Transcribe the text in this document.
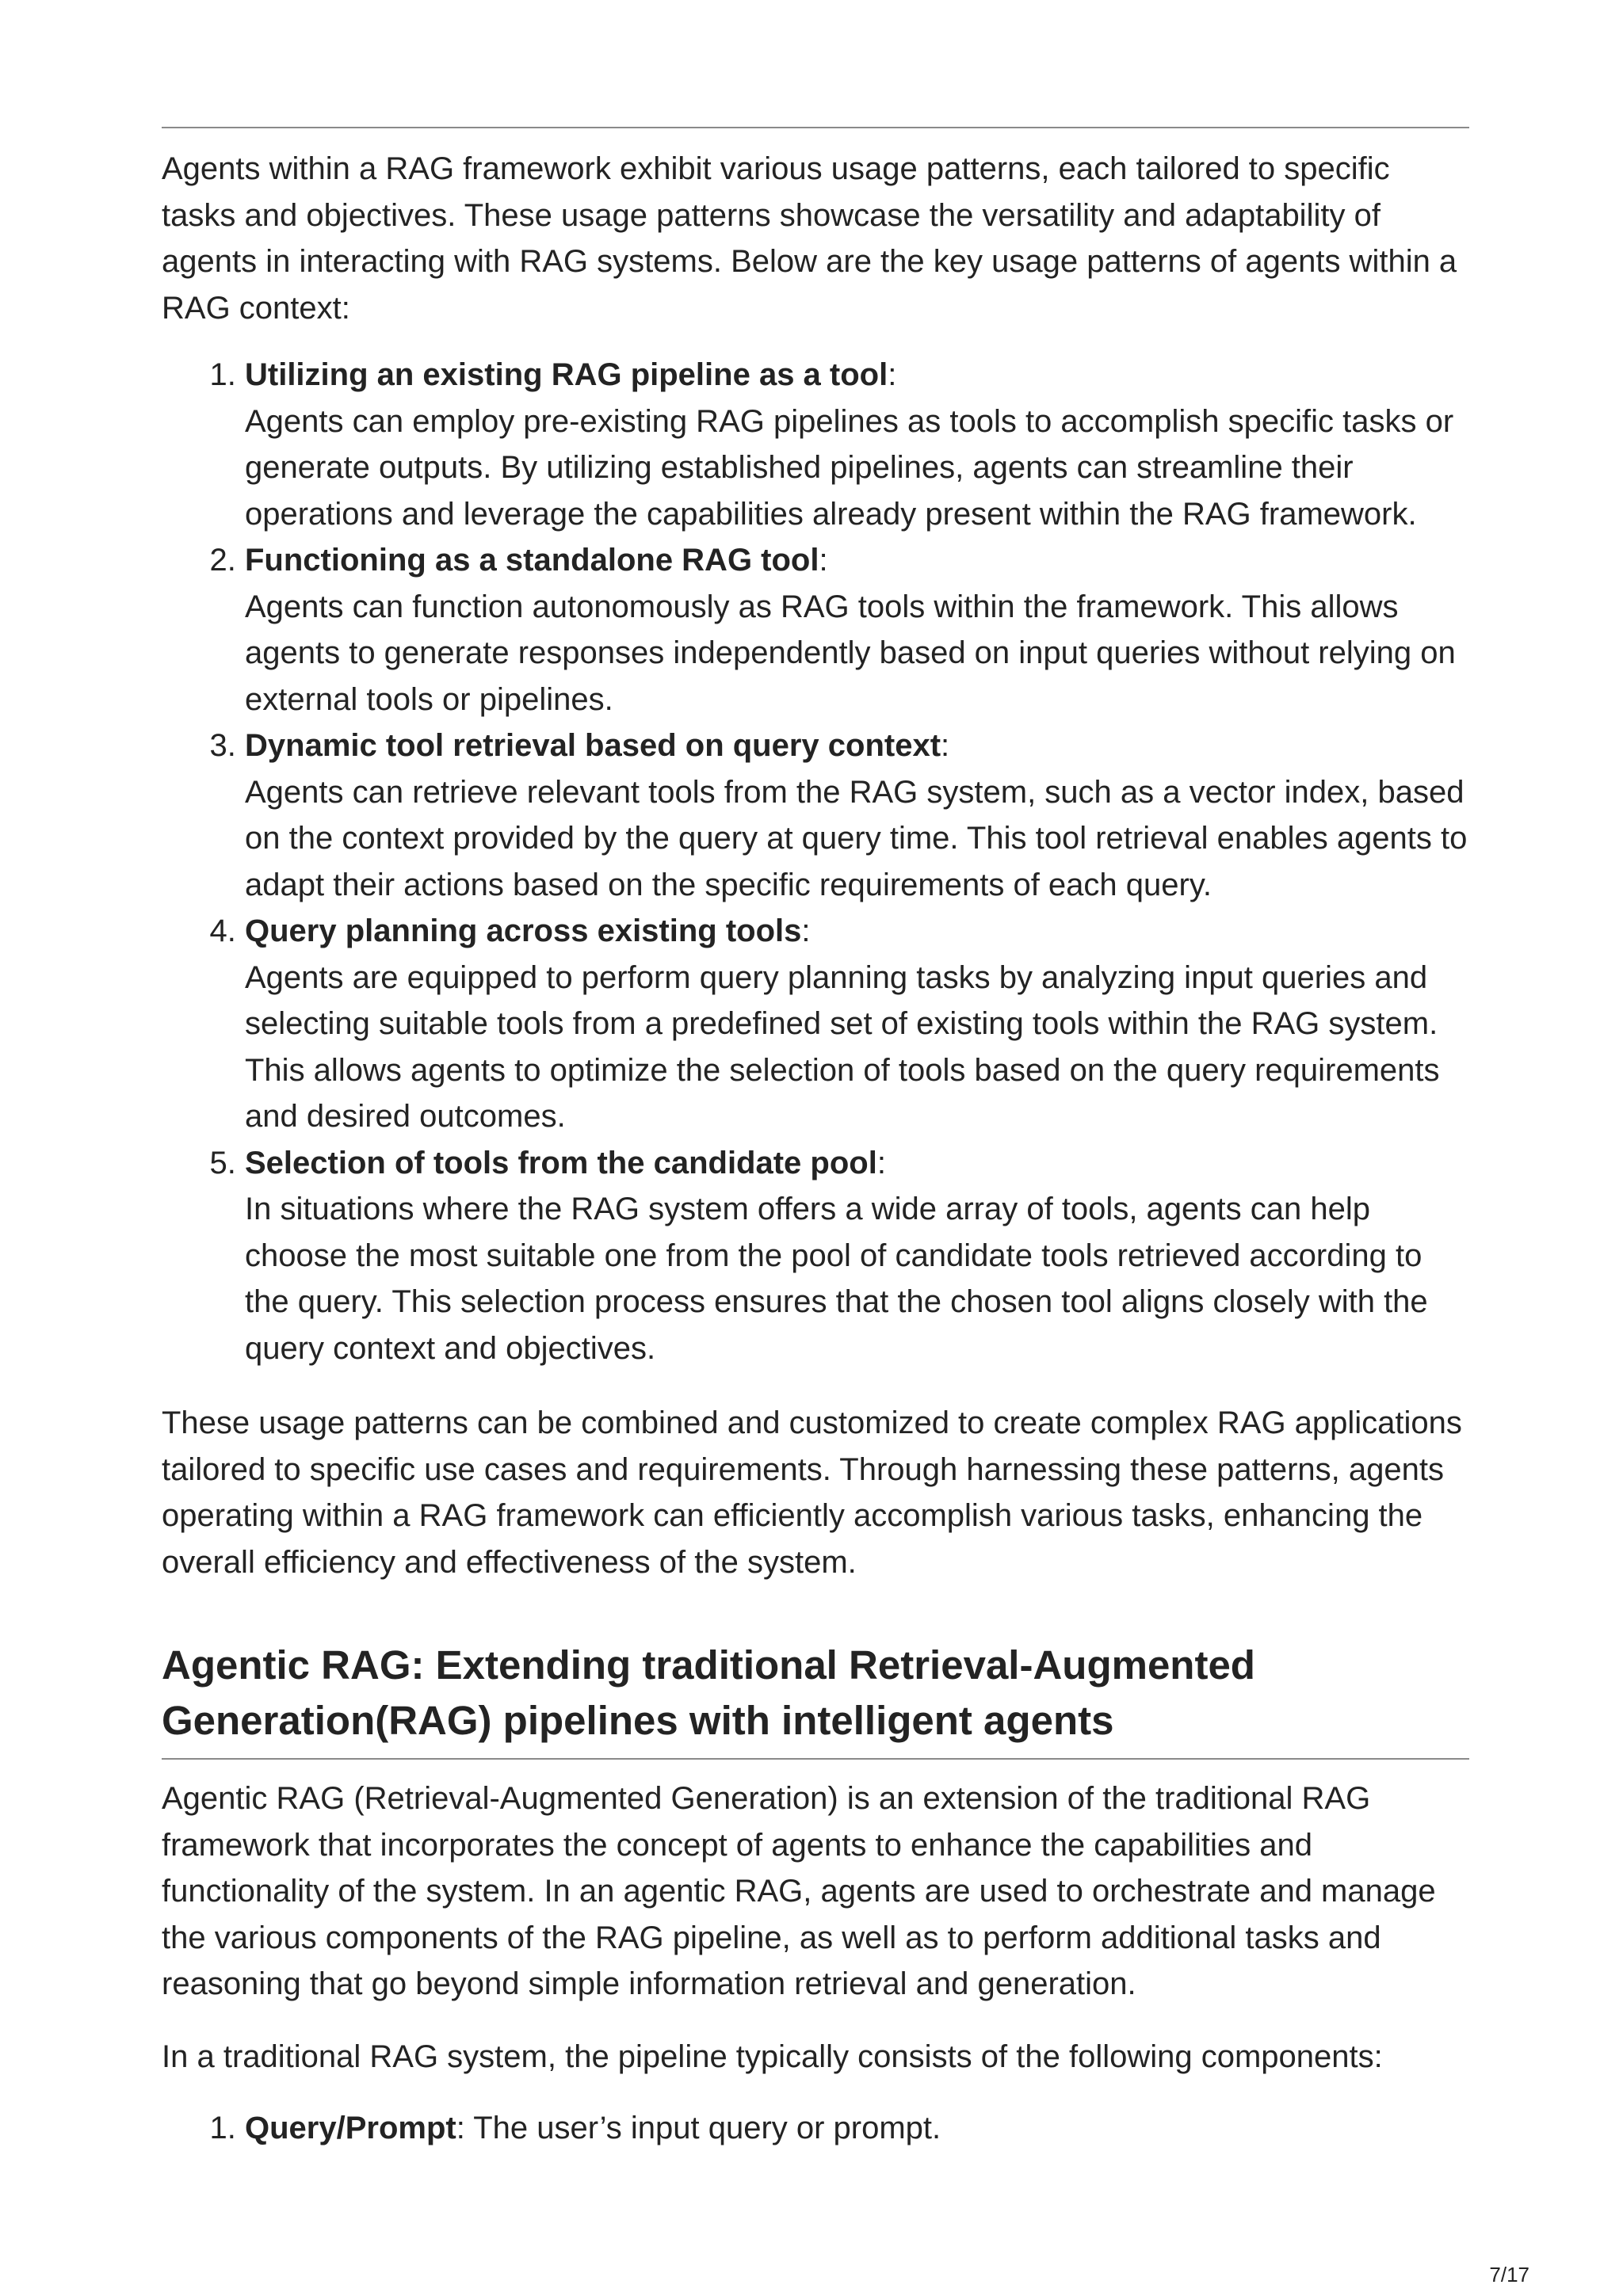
Agents within a RAG framework exhibit various usage patterns, each tailored to specific tasks and objectives. These usage patterns showcase the versatility and adaptability of agents in interacting with RAG systems. Below are the key usage patterns of agents within a RAG context:

1. Utilizing an existing RAG pipeline as a tool:
Agents can employ pre-existing RAG pipelines as tools to accomplish specific tasks or generate outputs. By utilizing established pipelines, agents can streamline their operations and leverage the capabilities already present within the RAG framework.
2. Functioning as a standalone RAG tool:
Agents can function autonomously as RAG tools within the framework. This allows agents to generate responses independently based on input queries without relying on external tools or pipelines.
3. Dynamic tool retrieval based on query context:
Agents can retrieve relevant tools from the RAG system, such as a vector index, based on the context provided by the query at query time. This tool retrieval enables agents to adapt their actions based on the specific requirements of each query.
4. Query planning across existing tools:
Agents are equipped to perform query planning tasks by analyzing input queries and selecting suitable tools from a predefined set of existing tools within the RAG system. This allows agents to optimize the selection of tools based on the query requirements and desired outcomes.
5. Selection of tools from the candidate pool:
In situations where the RAG system offers a wide array of tools, agents can help choose the most suitable one from the pool of candidate tools retrieved according to the query. This selection process ensures that the chosen tool aligns closely with the query context and objectives.

These usage patterns can be combined and customized to create complex RAG applications tailored to specific use cases and requirements. Through harnessing these patterns, agents operating within a RAG framework can efficiently accomplish various tasks, enhancing the overall efficiency and effectiveness of the system.

Agentic RAG: Extending traditional Retrieval-Augmented Generation(RAG) pipelines with intelligent agents

Agentic RAG (Retrieval-Augmented Generation) is an extension of the traditional RAG framework that incorporates the concept of agents to enhance the capabilities and functionality of the system. In an agentic RAG, agents are used to orchestrate and manage the various components of the RAG pipeline, as well as to perform additional tasks and reasoning that go beyond simple information retrieval and generation.

In a traditional RAG system, the pipeline typically consists of the following components:

1. Query/Prompt: The user’s input query or prompt.
7/17
